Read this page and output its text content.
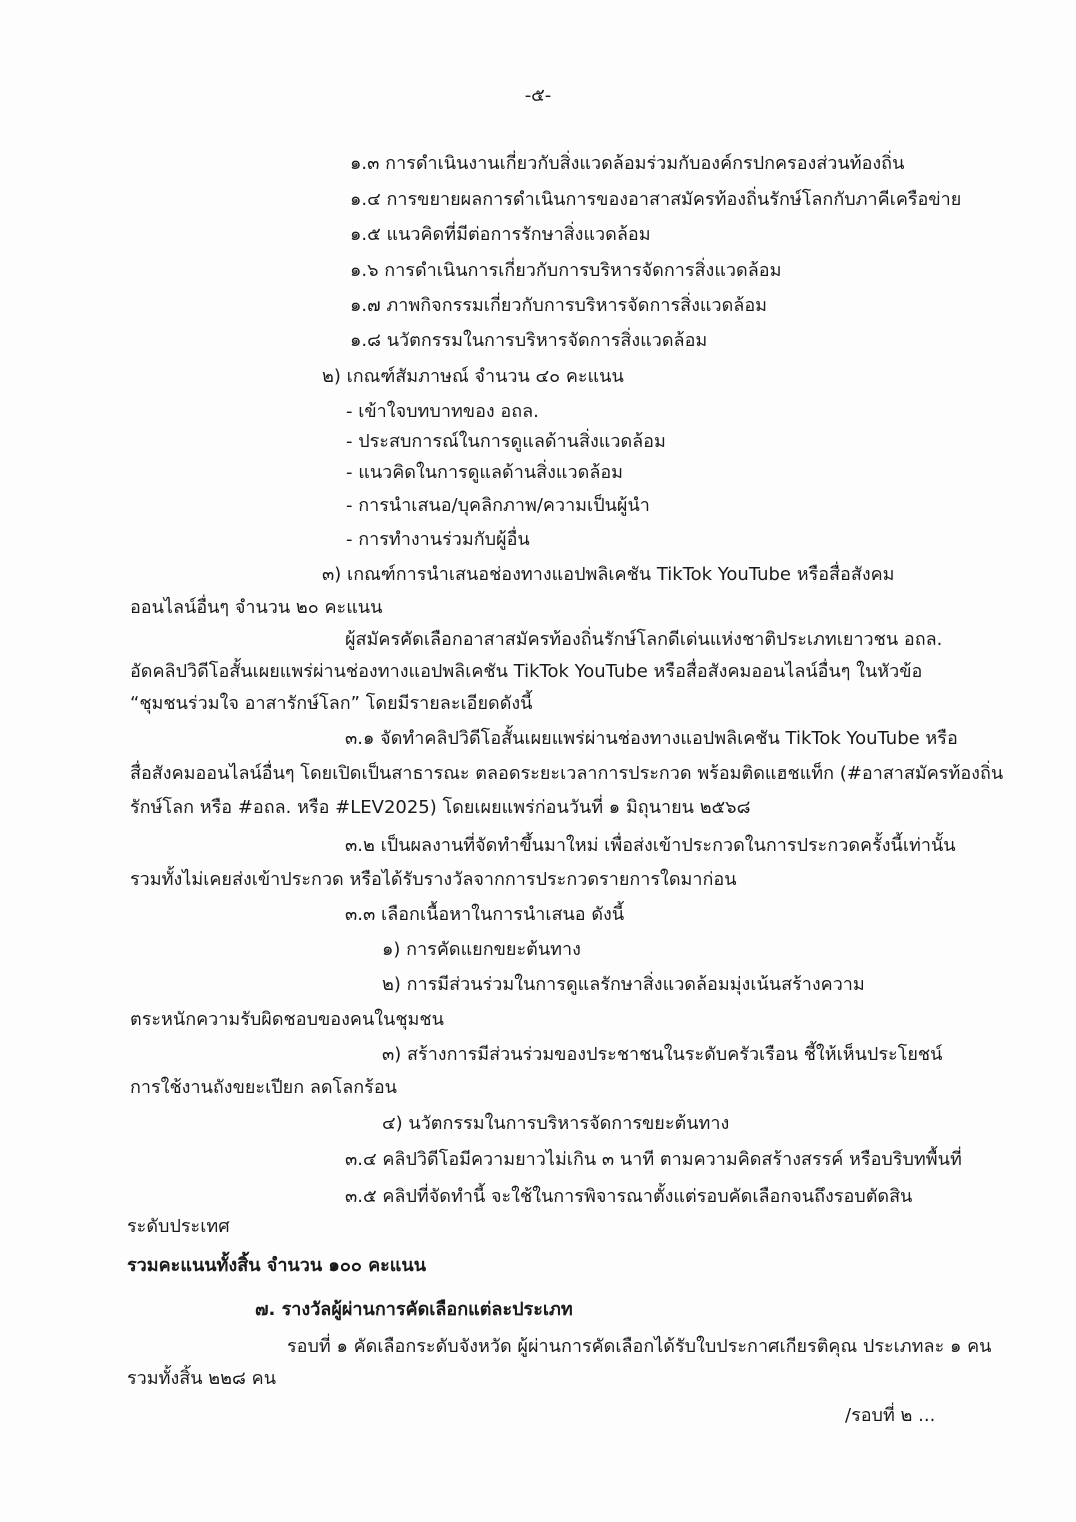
-๕-
๑.๓ การดำเนินงานเกี่ยวกับสิ่งแวดล้อมร่วมกับองค์กรปกครองส่วนท้องถิ่น
๑.๔ การขยายผลการดำเนินการของอาสาสมัครท้องถิ่นรักษ์โลกกับภาคีเครือข่าย
๑.๕ แนวคิดที่มีต่อการรักษาสิ่งแวดล้อม
๑.๖ การดำเนินการเกี่ยวกับการบริหารจัดการสิ่งแวดล้อม
๑.๗ ภาพกิจกรรมเกี่ยวกับการบริหารจัดการสิ่งแวดล้อม
๑.๘ นวัตกรรมในการบริหารจัดการสิ่งแวดล้อม
๒) เกณฑ์สัมภาษณ์ จำนวน ๔๐ คะแนน
- เข้าใจบทบาทของ อถล.
- ประสบการณ์ในการดูแลด้านสิ่งแวดล้อม
- แนวคิดในการดูแลด้านสิ่งแวดล้อม
- การนำเสนอ/บุคลิกภาพ/ความเป็นผู้นำ
- การทำงานร่วมกับผู้อื่น
๓) เกณฑ์การนำเสนอช่องทางแอปพลิเคชัน TikTok YouTube หรือสื่อสังคม
ออนไลน์อื่นๆ จำนวน ๒๐ คะแนน
ผู้สมัครคัดเลือกอาสาสมัครท้องถิ่นรักษ์โลกดีเด่นแห่งชาติประเภทเยาวชน อถล.
อัดคลิปวิดีโอสั้นเผยแพร่ผ่านช่องทางแอปพลิเคชัน TikTok YouTube หรือสื่อสังคมออนไลน์อื่นๆ ในหัวข้อ
“ชุมชนร่วมใจ อาสารักษ์โลก” โดยมีรายละเอียดดังนี้
๓.๑ จัดทำคลิปวิดีโอสั้นเผยแพร่ผ่านช่องทางแอปพลิเคชัน TikTok YouTube หรือ
สื่อสังคมออนไลน์อื่นๆ โดยเปิดเป็นสาธารณะ ตลอดระยะเวลาการประกวด พร้อมติดแฮชแท็ก (#อาสาสมัครท้องถิ่น
รักษ์โลก หรือ #อถล. หรือ #LEV2025) โดยเผยแพร่ก่อนวันที่ ๑ มิถุนายน ๒๕๖๘
๓.๒ เป็นผลงานที่จัดทำขึ้นมาใหม่ เพื่อส่งเข้าประกวดในการประกวดครั้งนี้เท่านั้น
รวมทั้งไม่เคยส่งเข้าประกวด หรือได้รับรางวัลจากการประกวดรายการใดมาก่อน
๓.๓ เลือกเนื้อหาในการนำเสนอ ดังนี้
๑) การคัดแยกขยะต้นทาง
๒) การมีส่วนร่วมในการดูแลรักษาสิ่งแวดล้อมมุ่งเน้นสร้างความ
ตระหนักความรับผิดชอบของคนในชุมชน
๓) สร้างการมีส่วนร่วมของประชาชนในระดับครัวเรือน ชี้ให้เห็นประโยชน์
การใช้งานถังขยะเปียก ลดโลกร้อน
๔) นวัตกรรมในการบริหารจัดการขยะต้นทาง
๓.๔ คลิปวิดีโอมีความยาวไม่เกิน ๓ นาที ตามความคิดสร้างสรรค์ หรือบริบทพื้นที่
๓.๕ คลิปที่จัดทำนี้ จะใช้ในการพิจารณาตั้งแต่รอบคัดเลือกจนถึงรอบตัดสิน
ระดับประเทศ
รวมคะแนนทั้งสิ้น จำนวน ๑๐๐ คะแนน
๗. รางวัลผู้ผ่านการคัดเลือกแต่ละประเภท
รอบที่ ๑ คัดเลือกระดับจังหวัด ผู้ผ่านการคัดเลือกได้รับใบประกาศเกียรติคุณ ประเภทละ ๑ คน
รวมทั้งสิ้น ๒๒๘ คน
/รอบที่ ๒ ...
